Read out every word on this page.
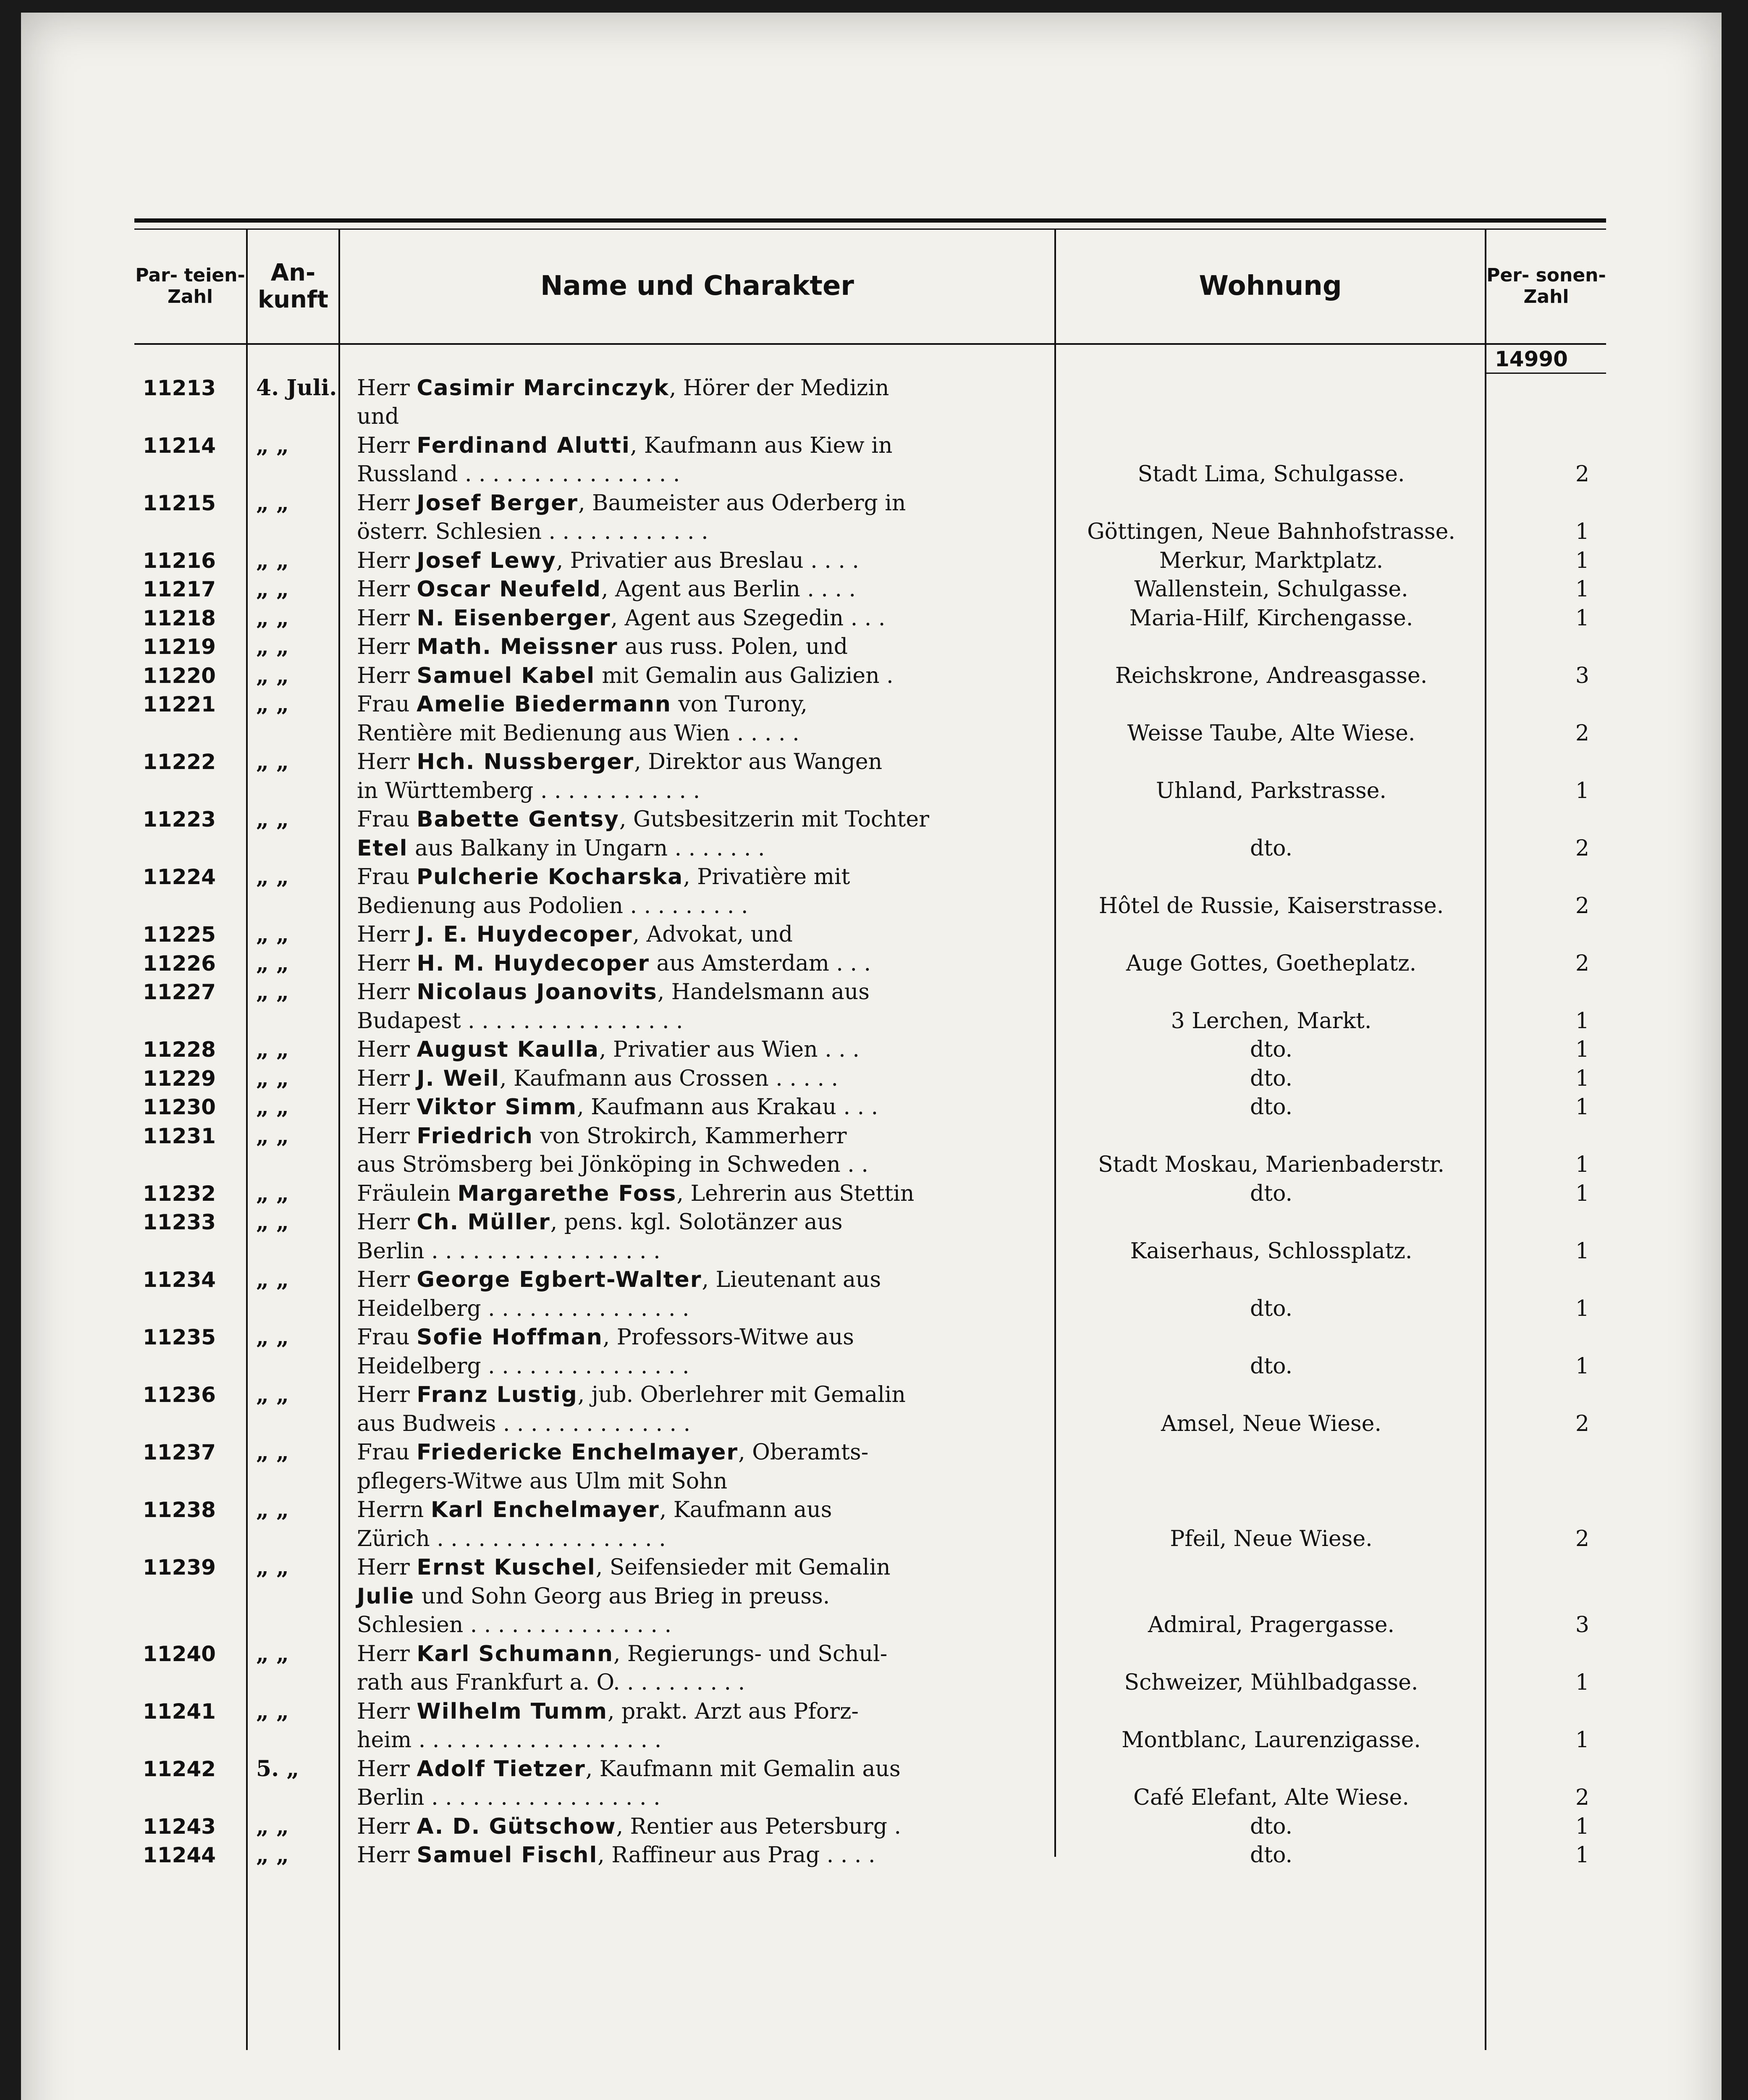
Par- teien- Zahl
An- kunft	Name und Charakter	Wohnung	Per- sonen- Zahl
14990
11213	4. Juli. Herr Casimir Marcinczyk, Hörer der Medizin
und
11214	„ „	Herr Ferdinand Alutti, Kaufmann aus Kiew in
Russland . . . . . . . . . . . . . . . .	Stadt Lima, Schulgasse.	2
11215	„ „	Herr Josef Berger, Baumeister aus Oderberg in
österr. Schlesien . . . . . . . . . . . .	Göttingen, Neue Bahnhofstrasse.	1
11216	„ „	Herr Josef Lewy, Privatier aus Breslau . . . .	Merkur, Marktplatz.	1
11217	„ „	Herr Oscar Neufeld, Agent aus Berlin . . . .	Wallenstein, Schulgasse.	1
11218	„ „	Herr N. Eisenberger, Agent aus Szegedin . . .	Maria-Hilf, Kirchengasse.	1
11219	„ „	Herr Math. Meissner aus russ. Polen, und
11220	„ „	Herr Samuel Kabel mit Gemalin aus Galizien .	Reichskrone, Andreasgasse.	3
11221	„ „	Frau Amelie Biedermann von Turony,
Rentière mit Bedienung aus Wien . . . . .	Weisse Taube, Alte Wiese.	2
11222	„ „	Herr Hch. Nussberger, Direktor aus Wangen
in Württemberg . . . . . . . . . . . .	Uhland, Parkstrasse.	1
11223	„ „	Frau Babette Gentsy, Gutsbesitzerin mit Tochter
Etel aus Balkany in Ungarn . . . . . . .	dto.	2
11224	„ „	Frau Pulcherie Kocharska, Privatière mit
Bedienung aus Podolien . . . . . . . . .	Hôtel de Russie, Kaiserstrasse.	2
11225	„ „	Herr J. E. Huydecoper, Advokat, und
11226	„ „	Herr H. M. Huydecoper aus Amsterdam . . .	Auge Gottes, Goetheplatz.	2
11227	„ „	Herr Nicolaus Joanovits, Handelsmann aus
Budapest . . . . . . . . . . . . . . . .	3 Lerchen, Markt.	1
11228	„ „	Herr August Kaulla, Privatier aus Wien . . .	dto.	1
11229	„ „	Herr J. Weil, Kaufmann aus Crossen . . . . .	dto.	1
11230	„ „	Herr Viktor Simm, Kaufmann aus Krakau . . .	dto.	1
11231	„ „	Herr Friedrich von Strokirch, Kammerherr
aus Strömsberg bei Jönköping in Schweden . .	Stadt Moskau, Marienbaderstr.	1
11232	„ „	Fräulein Margarethe Foss, Lehrerin aus Stettin	dto.	1
11233	„ „	Herr Ch. Müller, pens. kgl. Solotänzer aus
Berlin . . . . . . . . . . . . . . . . .	Kaiserhaus, Schlossplatz.	1
11234	„ „	Herr George Egbert-Walter, Lieutenant aus
Heidelberg . . . . . . . . . . . . . . .	dto.	1
11235	„ „	Frau Sofie Hoffman, Professors-Witwe aus
Heidelberg . . . . . . . . . . . . . . .	dto.	1
11236	„ „	Herr Franz Lustig, jub. Oberlehrer mit Gemalin
aus Budweis . . . . . . . . . . . . . .	Amsel, Neue Wiese.	2
11237	„ „	Frau Friedericke Enchelmayer, Oberamts-
pflegers-Witwe aus Ulm mit Sohn
11238	„ „	Herrn Karl Enchelmayer, Kaufmann aus
Zürich . . . . . . . . . . . . . . . . .	Pfeil, Neue Wiese.	2
11239	„ „	Herr Ernst Kuschel, Seifensieder mit Gemalin
Julie und Sohn Georg aus Brieg in preuss.
Schlesien . . . . . . . . . . . . . . .	Admiral, Pragergasse.	3
11240	„ „	Herr Karl Schumann, Regierungs- und Schul-
rath aus Frankfurt a. O. . . . . . . . . .	Schweizer, Mühlbadgasse.	1
11241	„ „	Herr Wilhelm Tumm, prakt. Arzt aus Pforz-
heim . . . . . . . . . . . . . . . . . .	Montblanc, Laurenzigasse.	1
11242	5. „	Herr Adolf Tietzer, Kaufmann mit Gemalin aus
Berlin . . . . . . . . . . . . . . . . .	Café Elefant, Alte Wiese.	2
11243	„ „	Herr A. D. Gütschow, Rentier aus Petersburg .	dto.	1
11244	„ „	Herr Samuel Fischl, Raffineur aus Prag . . . .	dto.	1
